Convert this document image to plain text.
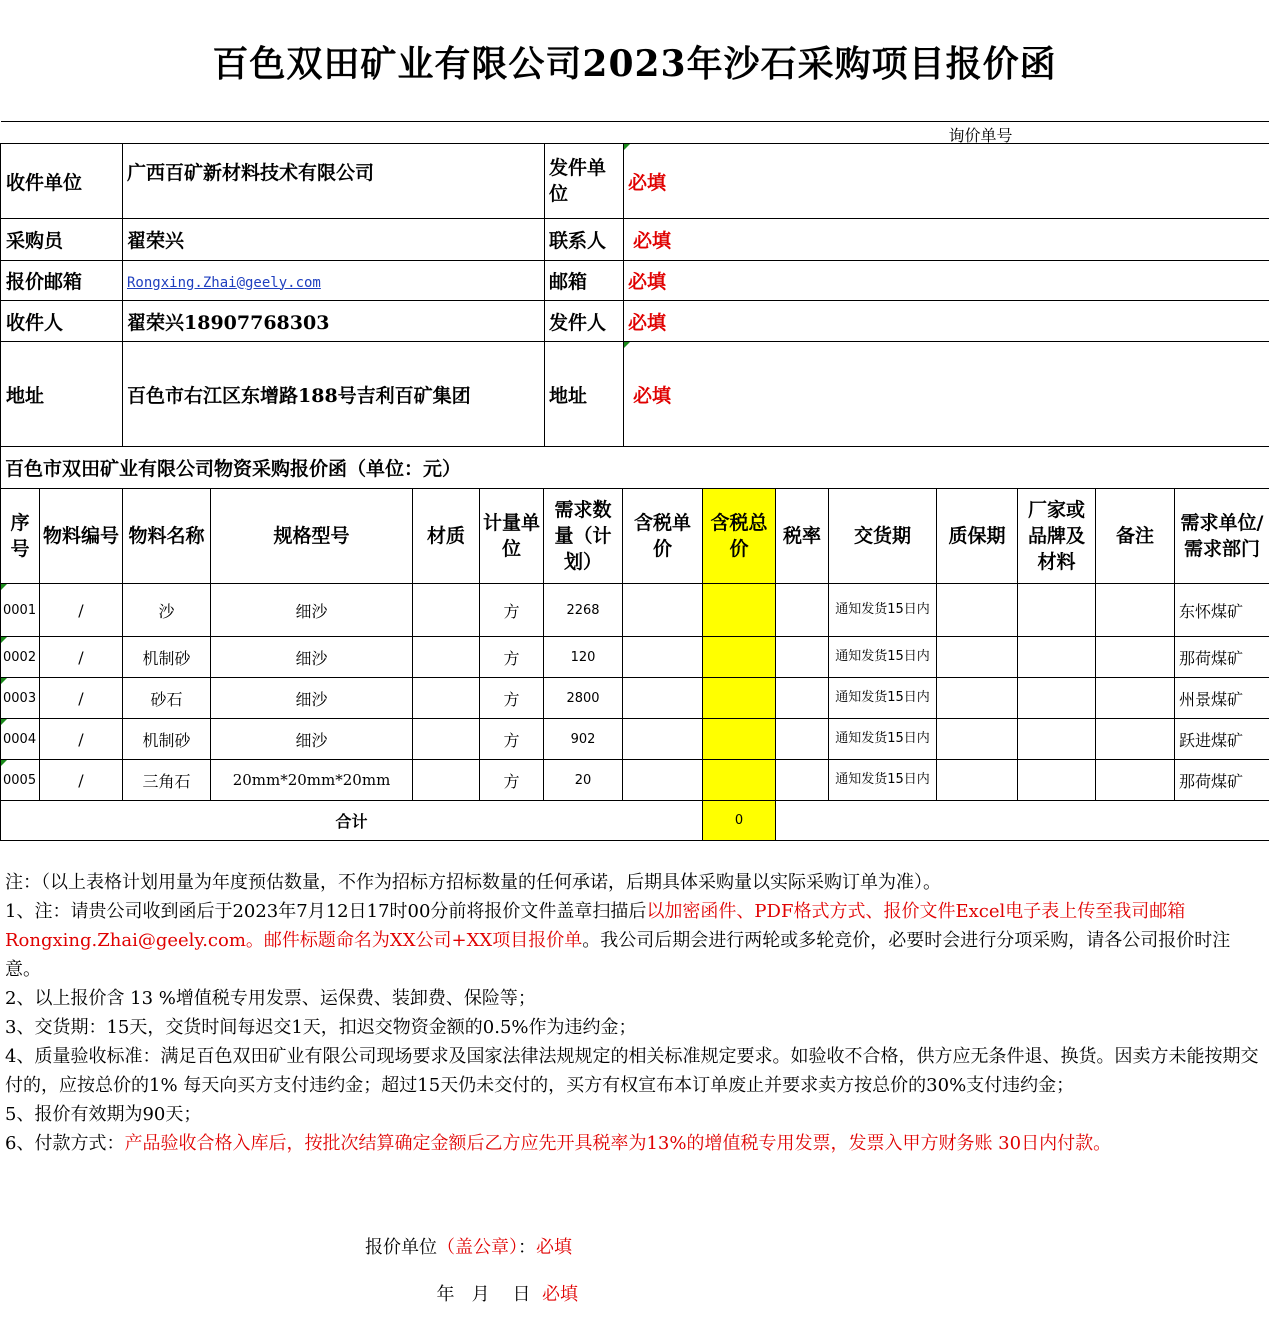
百色双田矿业有限公司2023年沙石采购项目报价函
询价单号			

收件单位	广西百矿新材料技术有限公司	发件单位	必填
采购员	翟荣兴	联系人	必填
报价邮箱	Rongxing.Zhai@geely.com	邮箱	必填
收件人	翟荣兴18907768303	发件人	必填
地址	百色市右江区东增路188号吉利百矿集团	地址	必填
百色市双田矿业有限公司物资采购报价函（单位：元）			
序号	物料编号	物料名称	规格型号	材质	计量单位	需求数量（计划）	含税单价	含税总价	税率	交货期	质保期	厂家或品牌及材料	备注	需求单位/需求部门
0001	/	沙	细沙		方	2268				通知发货15日内				东怀煤矿
0002	/	机制砂	细沙		方	120				通知发货15日内				那荷煤矿
0003	/	砂石	细沙		方	2800				通知发货15日内				州景煤矿
0004	/	机制砂	细沙		方	902				通知发货15日内				跃进煤矿
0005	/	三角石	20mm*20mm*20mm		方	20				通知发货15日内				那荷煤矿
合计								0						

注：（以上表格计划用量为年度预估数量，不作为招标方招标数量的任何承诺，后期具体采购量以实际采购订单为准）。

1、注：请贵公司收到函后于2023年7月12日17时00分前将报价文件盖章扫描后以加密函件、PDF格式方式、报价文件Excel电子表上传至我司邮箱Rongxing.Zhai@geely.com。邮件标题命名为XX公司+XX项目报价单。我公司后期会进行两轮或多轮竞价，必要时会进行分项采购，请各公司报价时注意。

2、以上报价含 13 %增值税专用发票、运保费、装卸费、保险等；

3、交货期：15天，交货时间每迟交1天，扣迟交物资金额的0.5%作为违约金；

4、质量验收标准：满足百色双田矿业有限公司现场要求及国家法律法规规定的相关标准规定要求。如验收不合格，供方应无条件退、换货。因卖方未能按期交付的，应按总价的1% 每天向买方支付违约金；超过15天仍未交付的，买方有权宣布本订单废止并要求卖方按总价的30%支付违约金；

5、报价有效期为90天；

6、付款方式：产品验收合格入库后，按批次结算确定金额后乙方应先开具税率为13%的增值税专用发票，发票入甲方财务账 30日内付款。

报价单位（盖公章）：必填

年   月    日 必填
